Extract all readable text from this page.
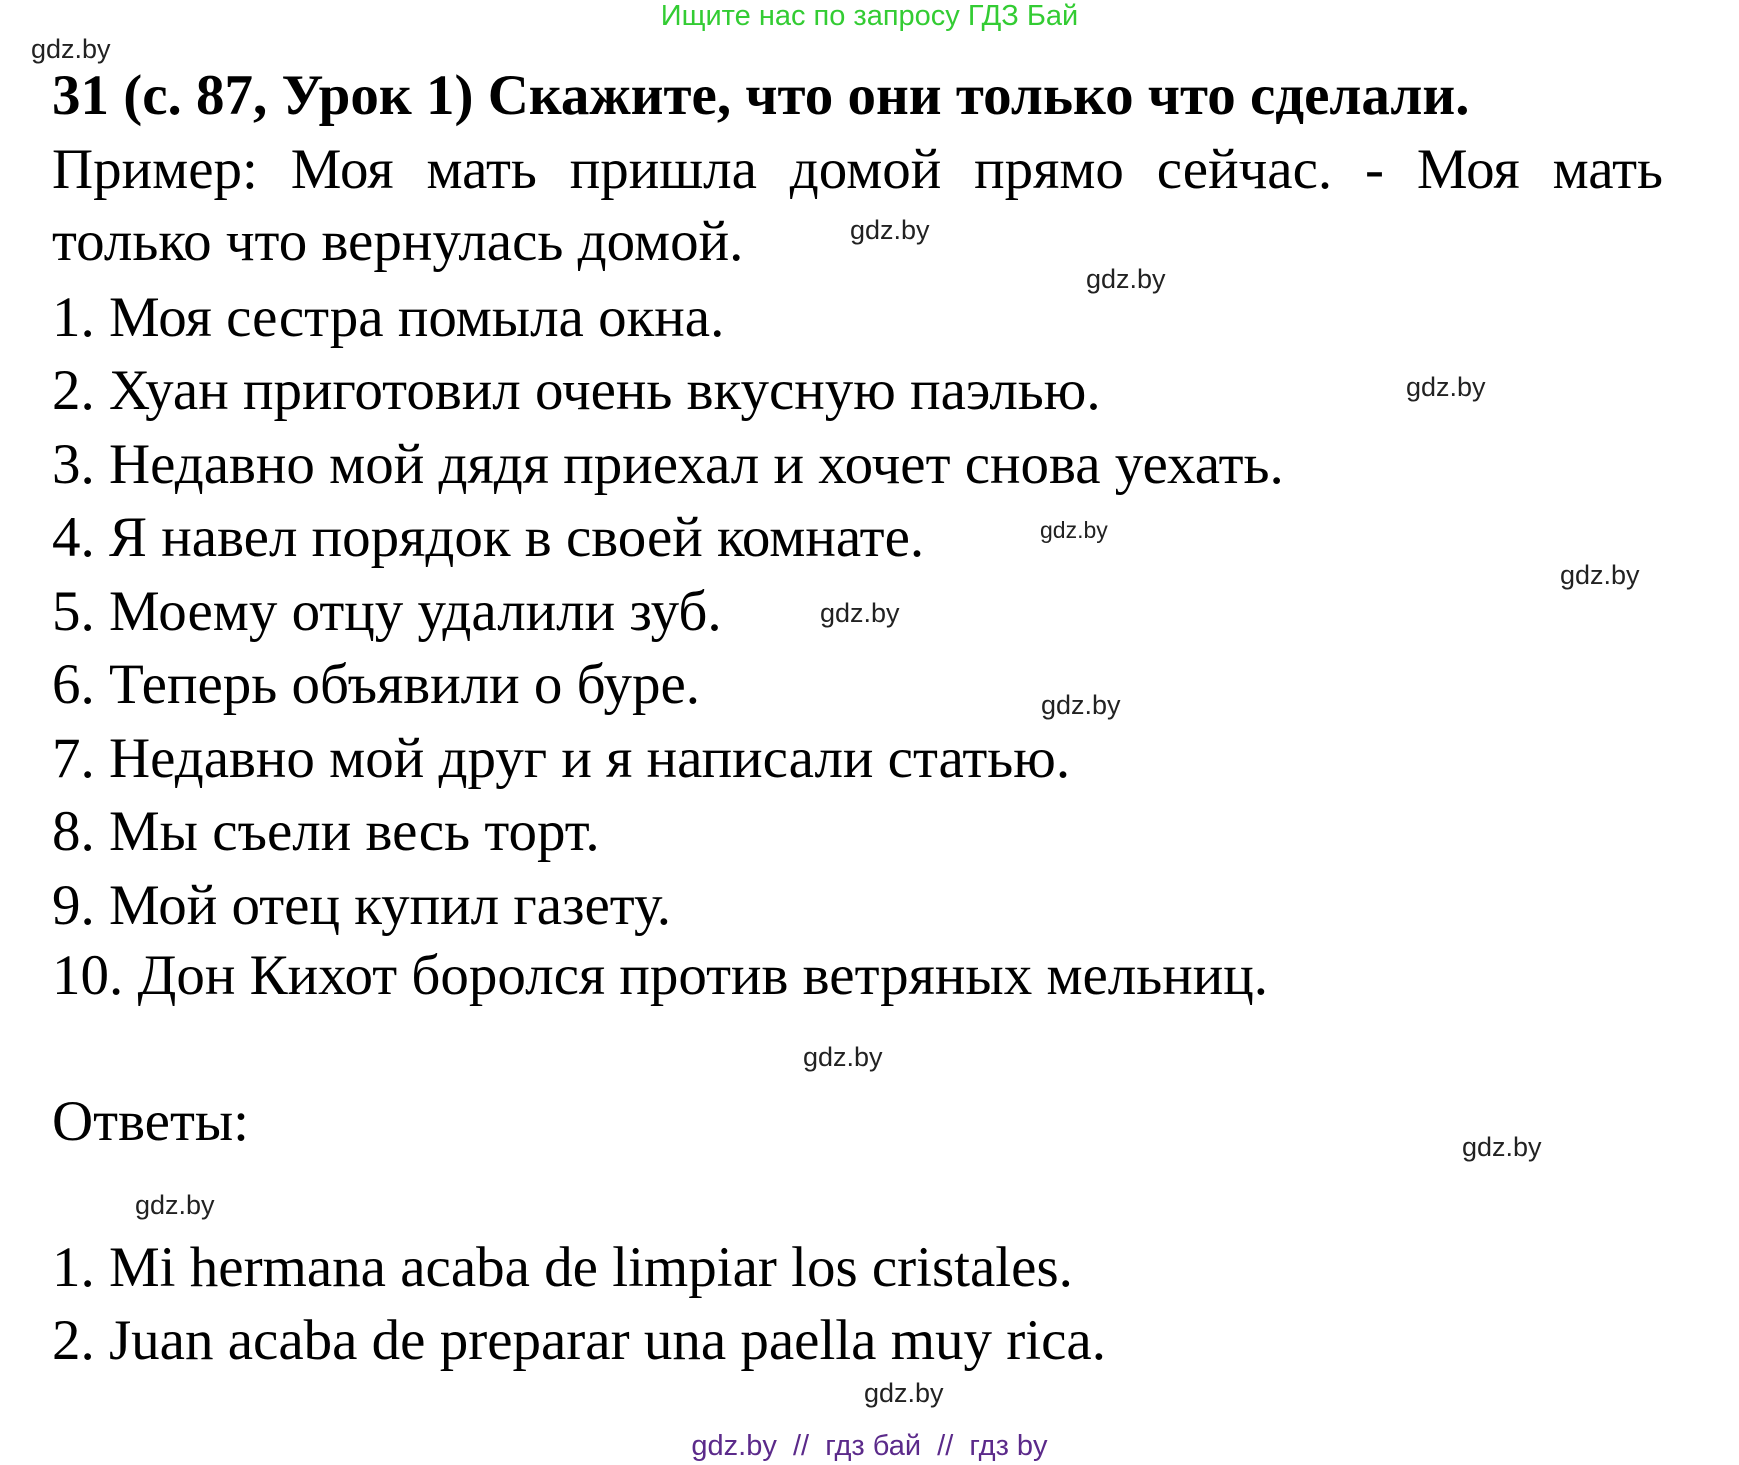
Ищите нас по запросу ГДЗ Бай
31 (с. 87, Урок 1) Скажите, что они только что сделали.
Пример: Моя мать пришла домой прямо сейчас. - Моя мать
только что вернулась домой.
1. Моя сестра помыла окна.
2. Хуан приготовил очень вкусную паэлью.
3. Недавно мой дядя приехал и хочет снова уехать.
4. Я навел порядок в своей комнате.
5. Моему отцу удалили зуб.
6. Теперь объявили о буре.
7. Недавно мой друг и я написали статью.
8. Мы съели весь торт.
9. Мой отец купил газету.
10. Дон Кихот боролся против ветряных мельниц.
Ответы:
1. Mi hermana acaba de limpiar los cristales.
2. Juan acaba de preparar una paella muy rica.
gdz.by
gdz.by
gdz.by
gdz.by
gdz.by
gdz.by
gdz.by
gdz.by
gdz.by
gdz.by
gdz.by
gdz.by
gdz.by  //  гдз бай  //  гдз by
